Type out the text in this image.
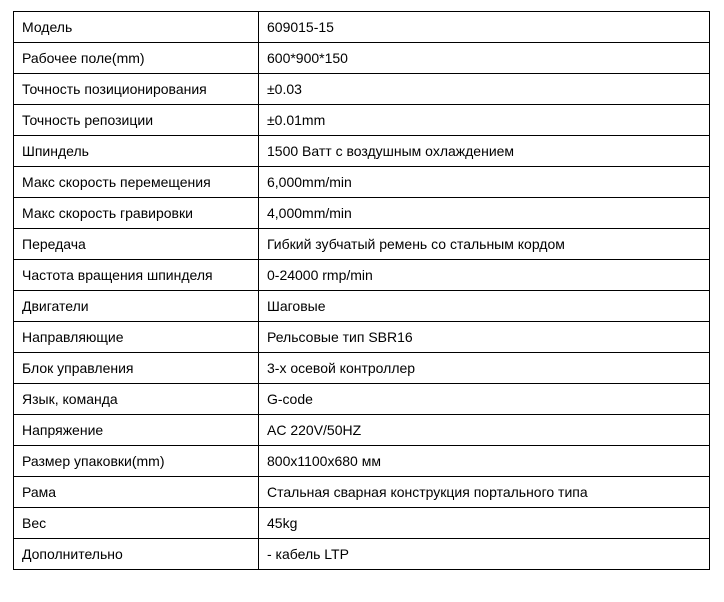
Модель	609015-15
Рабочее поле(mm)	600*900*150
Точность позиционирования	±0.03
Точность репозиции	±0.01mm
Шпиндель	1500 Ватт с воздушным охлаждением
Макс скорость перемещения	6,000mm/min
Макс скорость гравировки	4,000mm/min
Передача	Гибкий зубчатый ремень со стальным кордом
Частота вращения шпинделя	0-24000 rmp/min
Двигатели	Шаговые
Направляющие	Рельсовые тип SBR16
Блок управления	3-х осевой контроллер
Язык, команда	G-code
Напряжение	AC 220V/50HZ
Размер упаковки(mm)	800x1100x680 мм
Рама	Стальная сварная конструкция портального типа
Вес	45kg
Дополнительно	- кабель LTP
